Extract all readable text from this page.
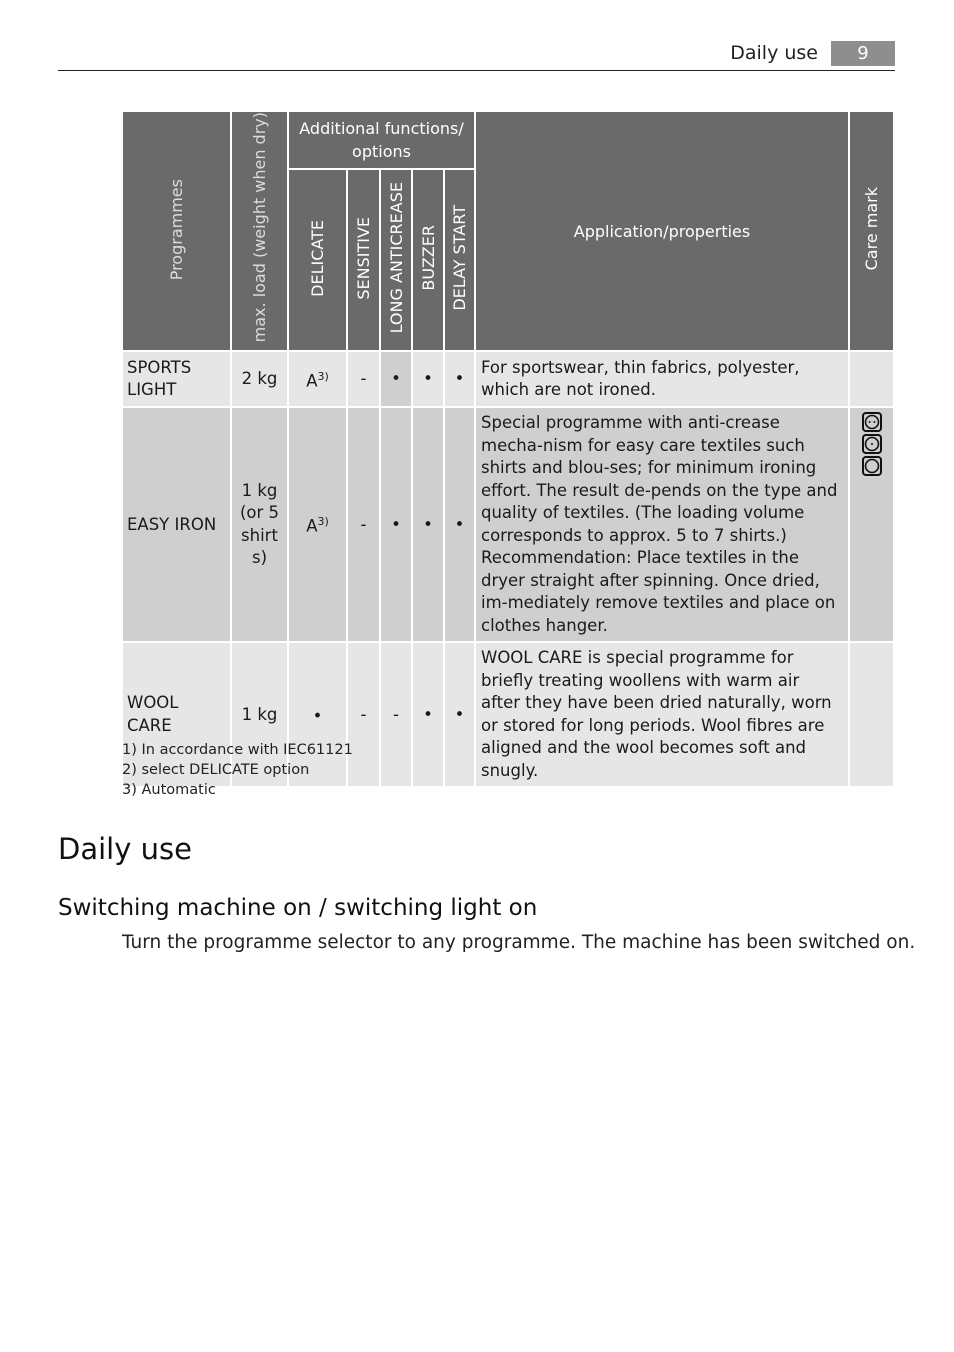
Daily use	9
Programmes	max. load (weight when dry)	Additional functions/ options					Application/properties	Care mark
		DELICATE	SENSITIVE	LONG ANTICREASE	BUZZER	DELAY START		
SPORTS LIGHT	2 kg	$A^{3)}$	-	•	•	•	For sportswear, thin fabrics, polyester, which are not ironed.	
EASY IRON	1 kg (or 5 shirt s)	$A^{3)}$	-	•	•	•	Special programme with anti-crease mecha-nism for easy care textiles such shirts and blou-ses; for minimum ironing effort. The result de-pends on the type and quality of textiles. (The loading volume corresponds to approx. 5 to 7 shirts.) Recommendation: Place textiles in the dryer straight after spinning. Once dried, im-mediately remove textiles and place on clothes hanger.	

WOOL CARE	1 kg	•	-	-	•	•	WOOL CARE is special programme for briefly treating woollens with warm air after they have been dried naturally, worn or stored for long periods. Wool fibres are aligned and the wool becomes soft and snugly.	
1) In accordance with IEC61121
2) select DELICATE option
3) Automatic
Daily use
Switching machine on / switching light on

Turn the programme selector to any programme. The machine has been switched on.
